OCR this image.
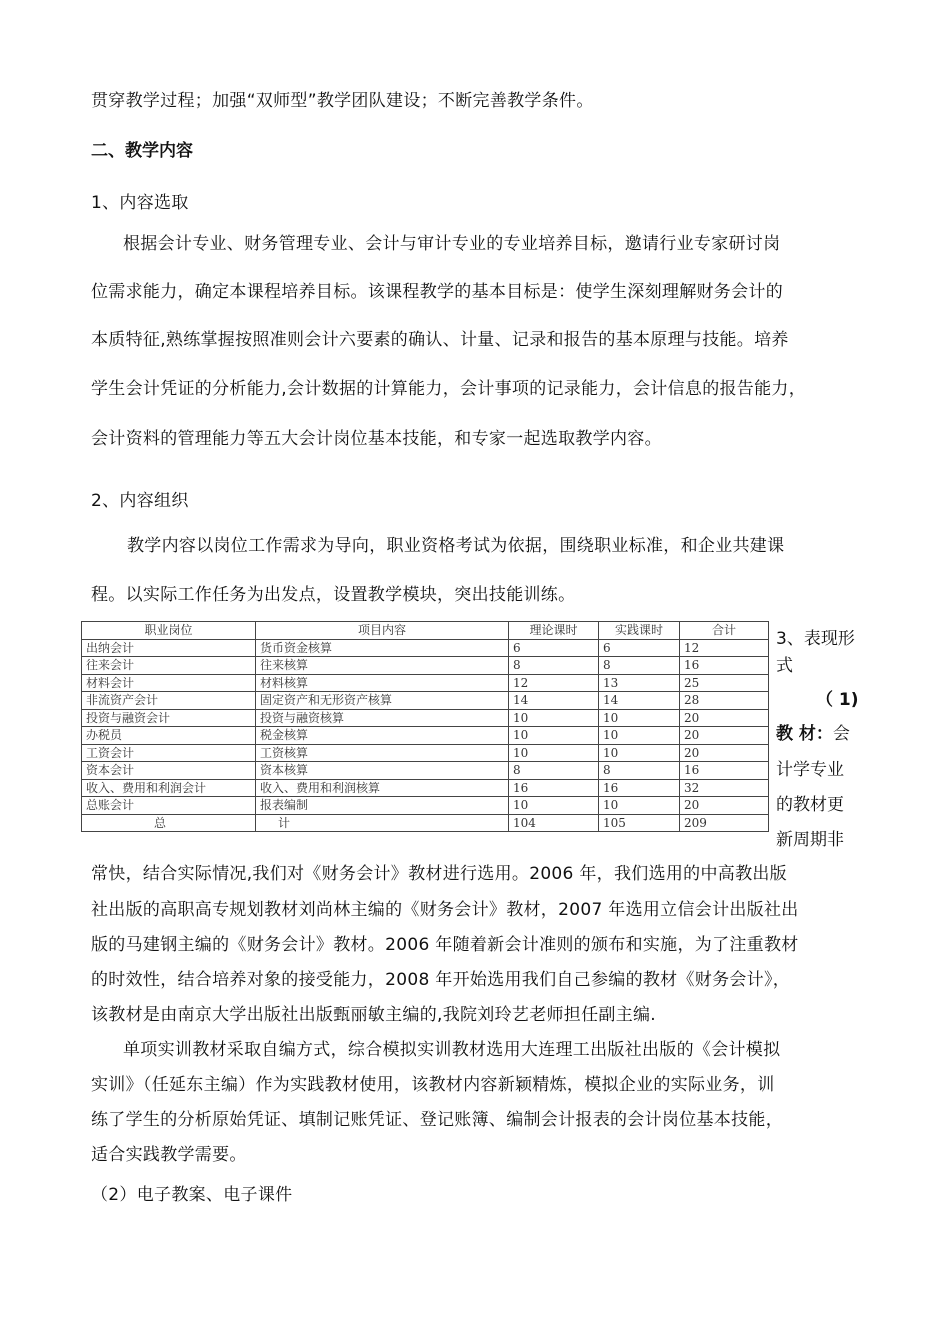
贯穿教学过程；加强“双师型”教学团队建设；不断完善教学条件。
二、教学内容
1、内容选取
根据会计专业、财务管理专业、会计与审计专业的专业培养目标，邀请行业专家研讨岗
位需求能力，确定本课程培养目标。该课程教学的基本目标是：使学生深刻理解财务会计的
本质特征,熟练掌握按照准则会计六要素的确认、计量、记录和报告的基本原理与技能。培养
学生会计凭证的分析能力,会计数据的计算能力，会计事项的记录能力，会计信息的报告能力，
会计资料的管理能力等五大会计岗位基本技能，和专家一起选取教学内容。
2、内容组织
教学内容以岗位工作需求为导向，职业资格考试为依据，围绕职业标准，和企业共建课
程。以实际工作任务为出发点，设置教学模块，突出技能训练。
职业岗位	项目内容	理论课时	实践课时	合计
出纳会计	货币资金核算	6	6	12
往来会计	往来核算	8	8	16
材料会计	材料核算	12	13	25
非流资产会计	固定资产和无形资产核算	14	14	28
投资与融资会计	投资与融资核算	10	10	20
办税员	税金核算	10	10	20
工资会计	工资核算	10	10	20
资本会计	资本核算	8	8	16
收入、费用和利润会计	收入、费用和利润核算	16	16	32
总账会计	报表编制	10	10	20
总	计	104	105	209
3、表现形
式
（ 1)
教 材：会
计学专业
的教材更
新周期非
常快，结合实际情况,我们对《财务会计》教材进行选用。2006 年，我们选用的中高教出版
社出版的高职高专规划教材刘尚林主编的《财务会计》教材，2007 年选用立信会计出版社出
版的马建钢主编的《财务会计》教材。2006 年随着新会计准则的颁布和实施，为了注重教材
的时效性，结合培养对象的接受能力，2008 年开始选用我们自己参编的教材《财务会计》，
该教材是由南京大学出版社出版甄丽敏主编的,我院刘玲艺老师担任副主编.
单项实训教材采取自编方式，综合模拟实训教材选用大连理工出版社出版的《会计模拟
实训》（任延东主编）作为实践教材使用，该教材内容新颖精炼，模拟企业的实际业务，训
练了学生的分析原始凭证、填制记账凭证、登记账簿、编制会计报表的会计岗位基本技能，
适合实践教学需要。
（2）电子教案、电子课件
